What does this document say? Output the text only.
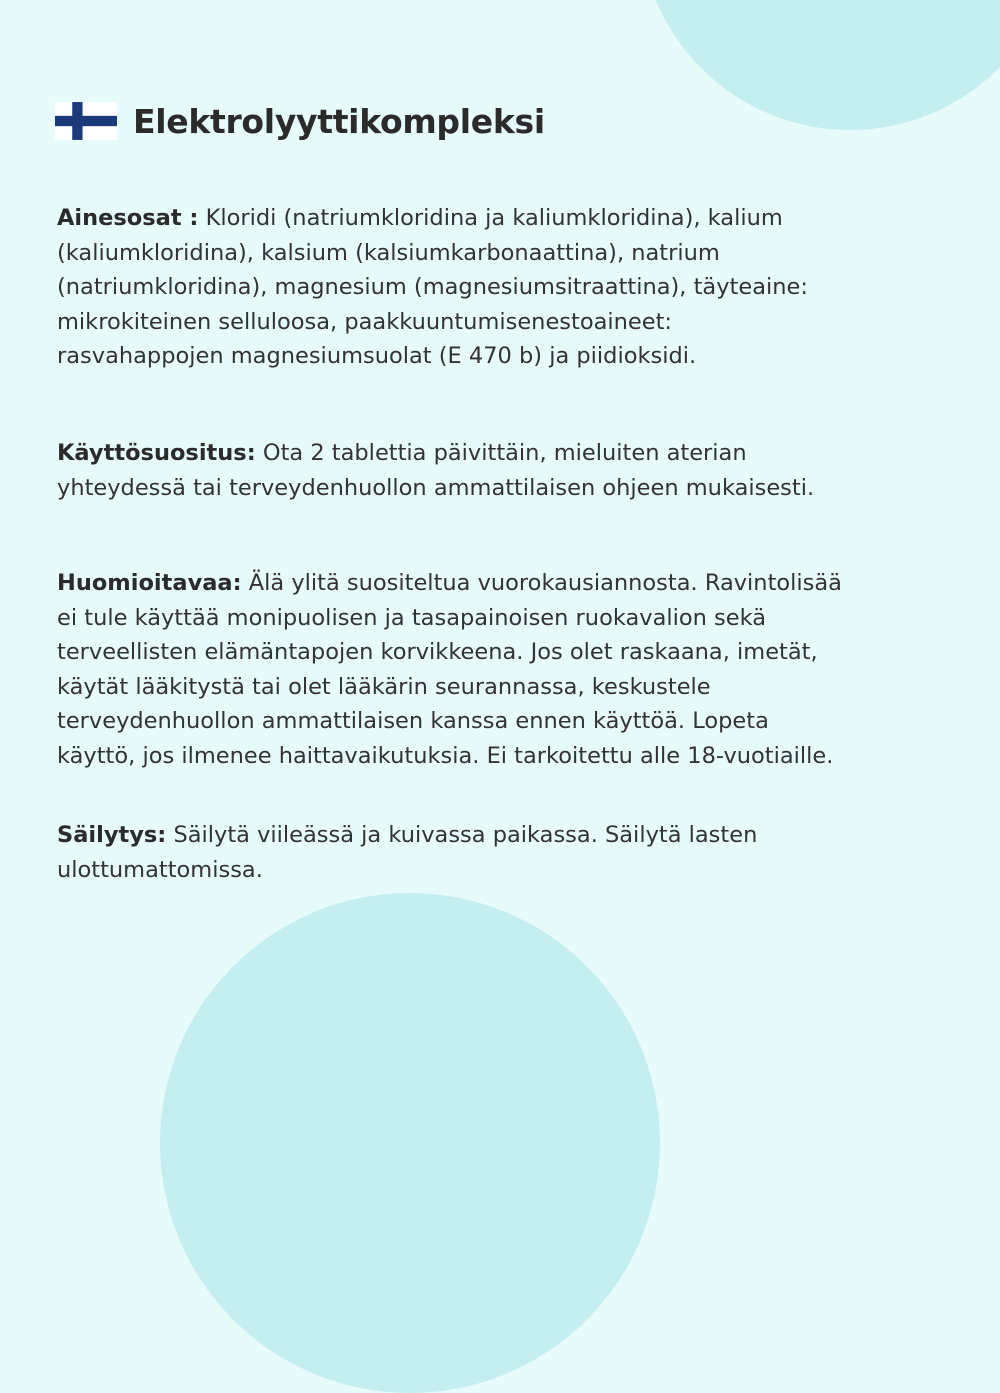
Elektrolyyttikompleksi

Ainesosat : Kloridi (natriumkloridina ja kaliumkloridina), kalium
(kaliumkloridina), kalsium (kalsiumkarbonaattina), natrium
(natriumkloridina), magnesium (magnesiumsitraattina), täyteaine:
mikrokiteinen selluloosa, paakkuuntumisenestoaineet:
rasvahappojen magnesiumsuolat (E 470 b) ja piidioksidi.

Käyttösuositus: Ota 2 tablettia päivittäin, mieluiten aterian
yhteydessä tai terveydenhuollon ammattilaisen ohjeen mukaisesti.

Huomioitavaa: Älä ylitä suositeltua vuorokausiannosta. Ravintolisää
ei tule käyttää monipuolisen ja tasapainoisen ruokavalion sekä
terveellisten elämäntapojen korvikkeena. Jos olet raskaana, imetät,
käytät lääkitystä tai olet lääkärin seurannassa, keskustele
terveydenhuollon ammattilaisen kanssa ennen käyttöä. Lopeta
käyttö, jos ilmenee haittavaikutuksia. Ei tarkoitettu alle 18-vuotiaille.

Säilytys: Säilytä viileässä ja kuivassa paikassa. Säilytä lasten
ulottumattomissa.
